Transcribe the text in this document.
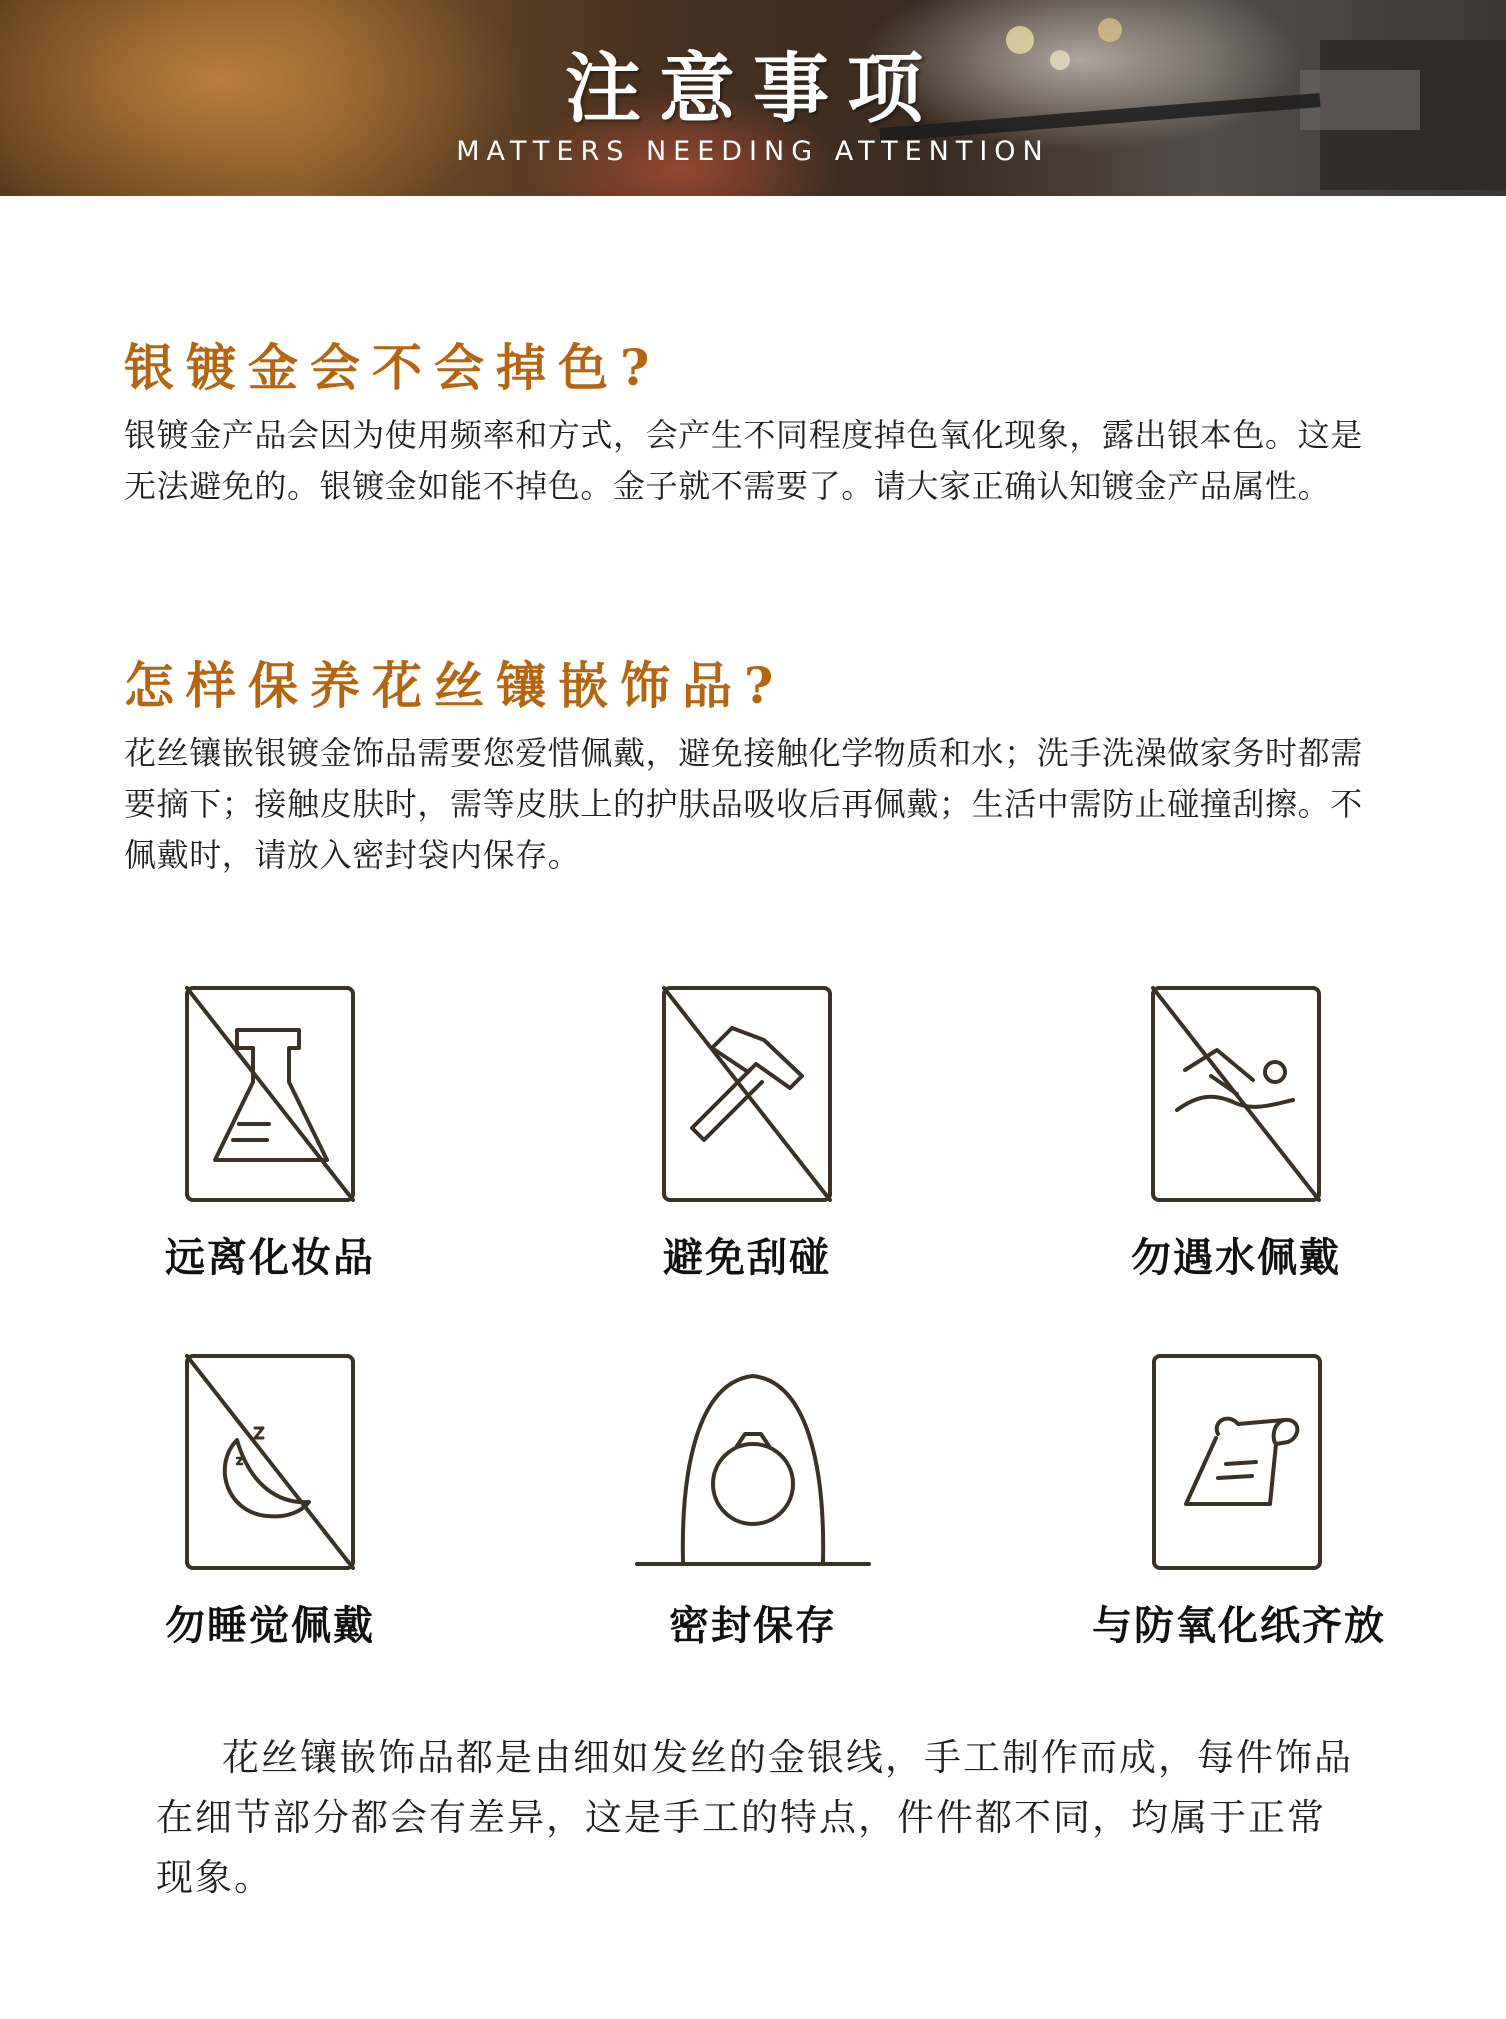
注意事项
MATTERS NEEDING ATTENTION
银镀金会不会掉色?

银镀金产品会因为使用频率和方式，会产生不同程度掉色氧化现象，露出银本色。这是无法避免的。银镀金如能不掉色。金子就不需要了。请大家正确认知镀金产品属性。

怎样保养花丝镶嵌饰品?

花丝镶嵌银镀金饰品需要您爱惜佩戴，避免接触化学物质和水；洗手洗澡做家务时都需要摘下；接触皮肤时，需等皮肤上的护肤品吸收后再佩戴；生活中需防止碰撞刮擦。不佩戴时，请放入密封袋内保存。

远离化妆品	避免刮碰	勿遇水佩戴
勿睡觉佩戴	密封保存	与防氧化纸齐放
花丝镶嵌饰品都是由细如发丝的金银线，手工制作而成，每件饰品在细节部分都会有差异，这是手工的特点，件件都不同，均属于正常现象。
